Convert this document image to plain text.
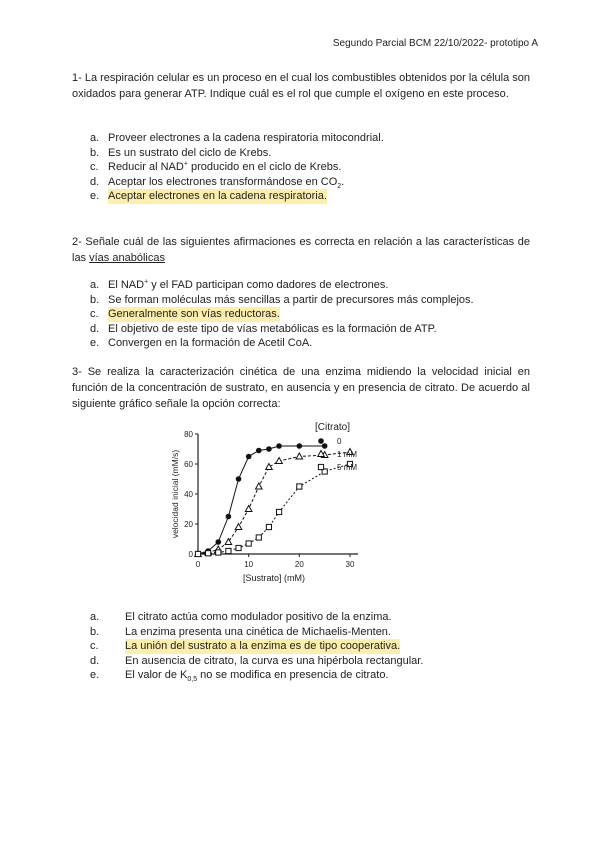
Segundo Parcial BCM 22/10/2022- prototipo A
1- La respiración celular es un proceso en el cual los combustibles obtenidos por la célula son oxidados para generar ATP. Indique cuál es el rol que cumple el oxígeno en este proceso.
a. Proveer electrones a la cadena respiratoria mitocondrial.
b. Es un sustrato del ciclo de Krebs.
c. Reducir al NAD+ producido en el ciclo de Krebs.
d. Aceptar los electrones transformándose en $CO_2$.
e. Aceptar electrones en la cadena respiratoria.
2- Señale cuál de las siguientes afirmaciones es correcta en relación a las características de las vías anabólicas
a. El NAD+ y el FAD participan como dadores de electrones.
b. Se forman moléculas más sencillas a partir de precursores más complejos.
c. Generalmente son vías reductoras.
d. El objetivo de este tipo de vías metabólicas es la formación de ATP.
e. Convergen en la formación de Acetil CoA.
3- Se realiza la caracterización cinética de una enzima midiendo la velocidad inicial en función de la concentración de sustrato, en ausencia y en presencia de citrato. De acuerdo al siguiente gráfico señale la opción correcta:
0	10	20	30
0
20
40
60
80
[Sustrato] (mM)
velocidad inicial (mM/s)
[Citrato]
0
1 mM
5 mM
a.	El citrato actúa como modulador positivo de la enzima.
b.	La enzima presenta una cinética de Michaelis-Menten.
c.	La unión del sustrato a la enzima es de tipo cooperativa.
d.	En ausencia de citrato, la curva es una hipérbola rectangular.
e.	El valor de $K_{0,5}$ no se modifica en presencia de citrato.
